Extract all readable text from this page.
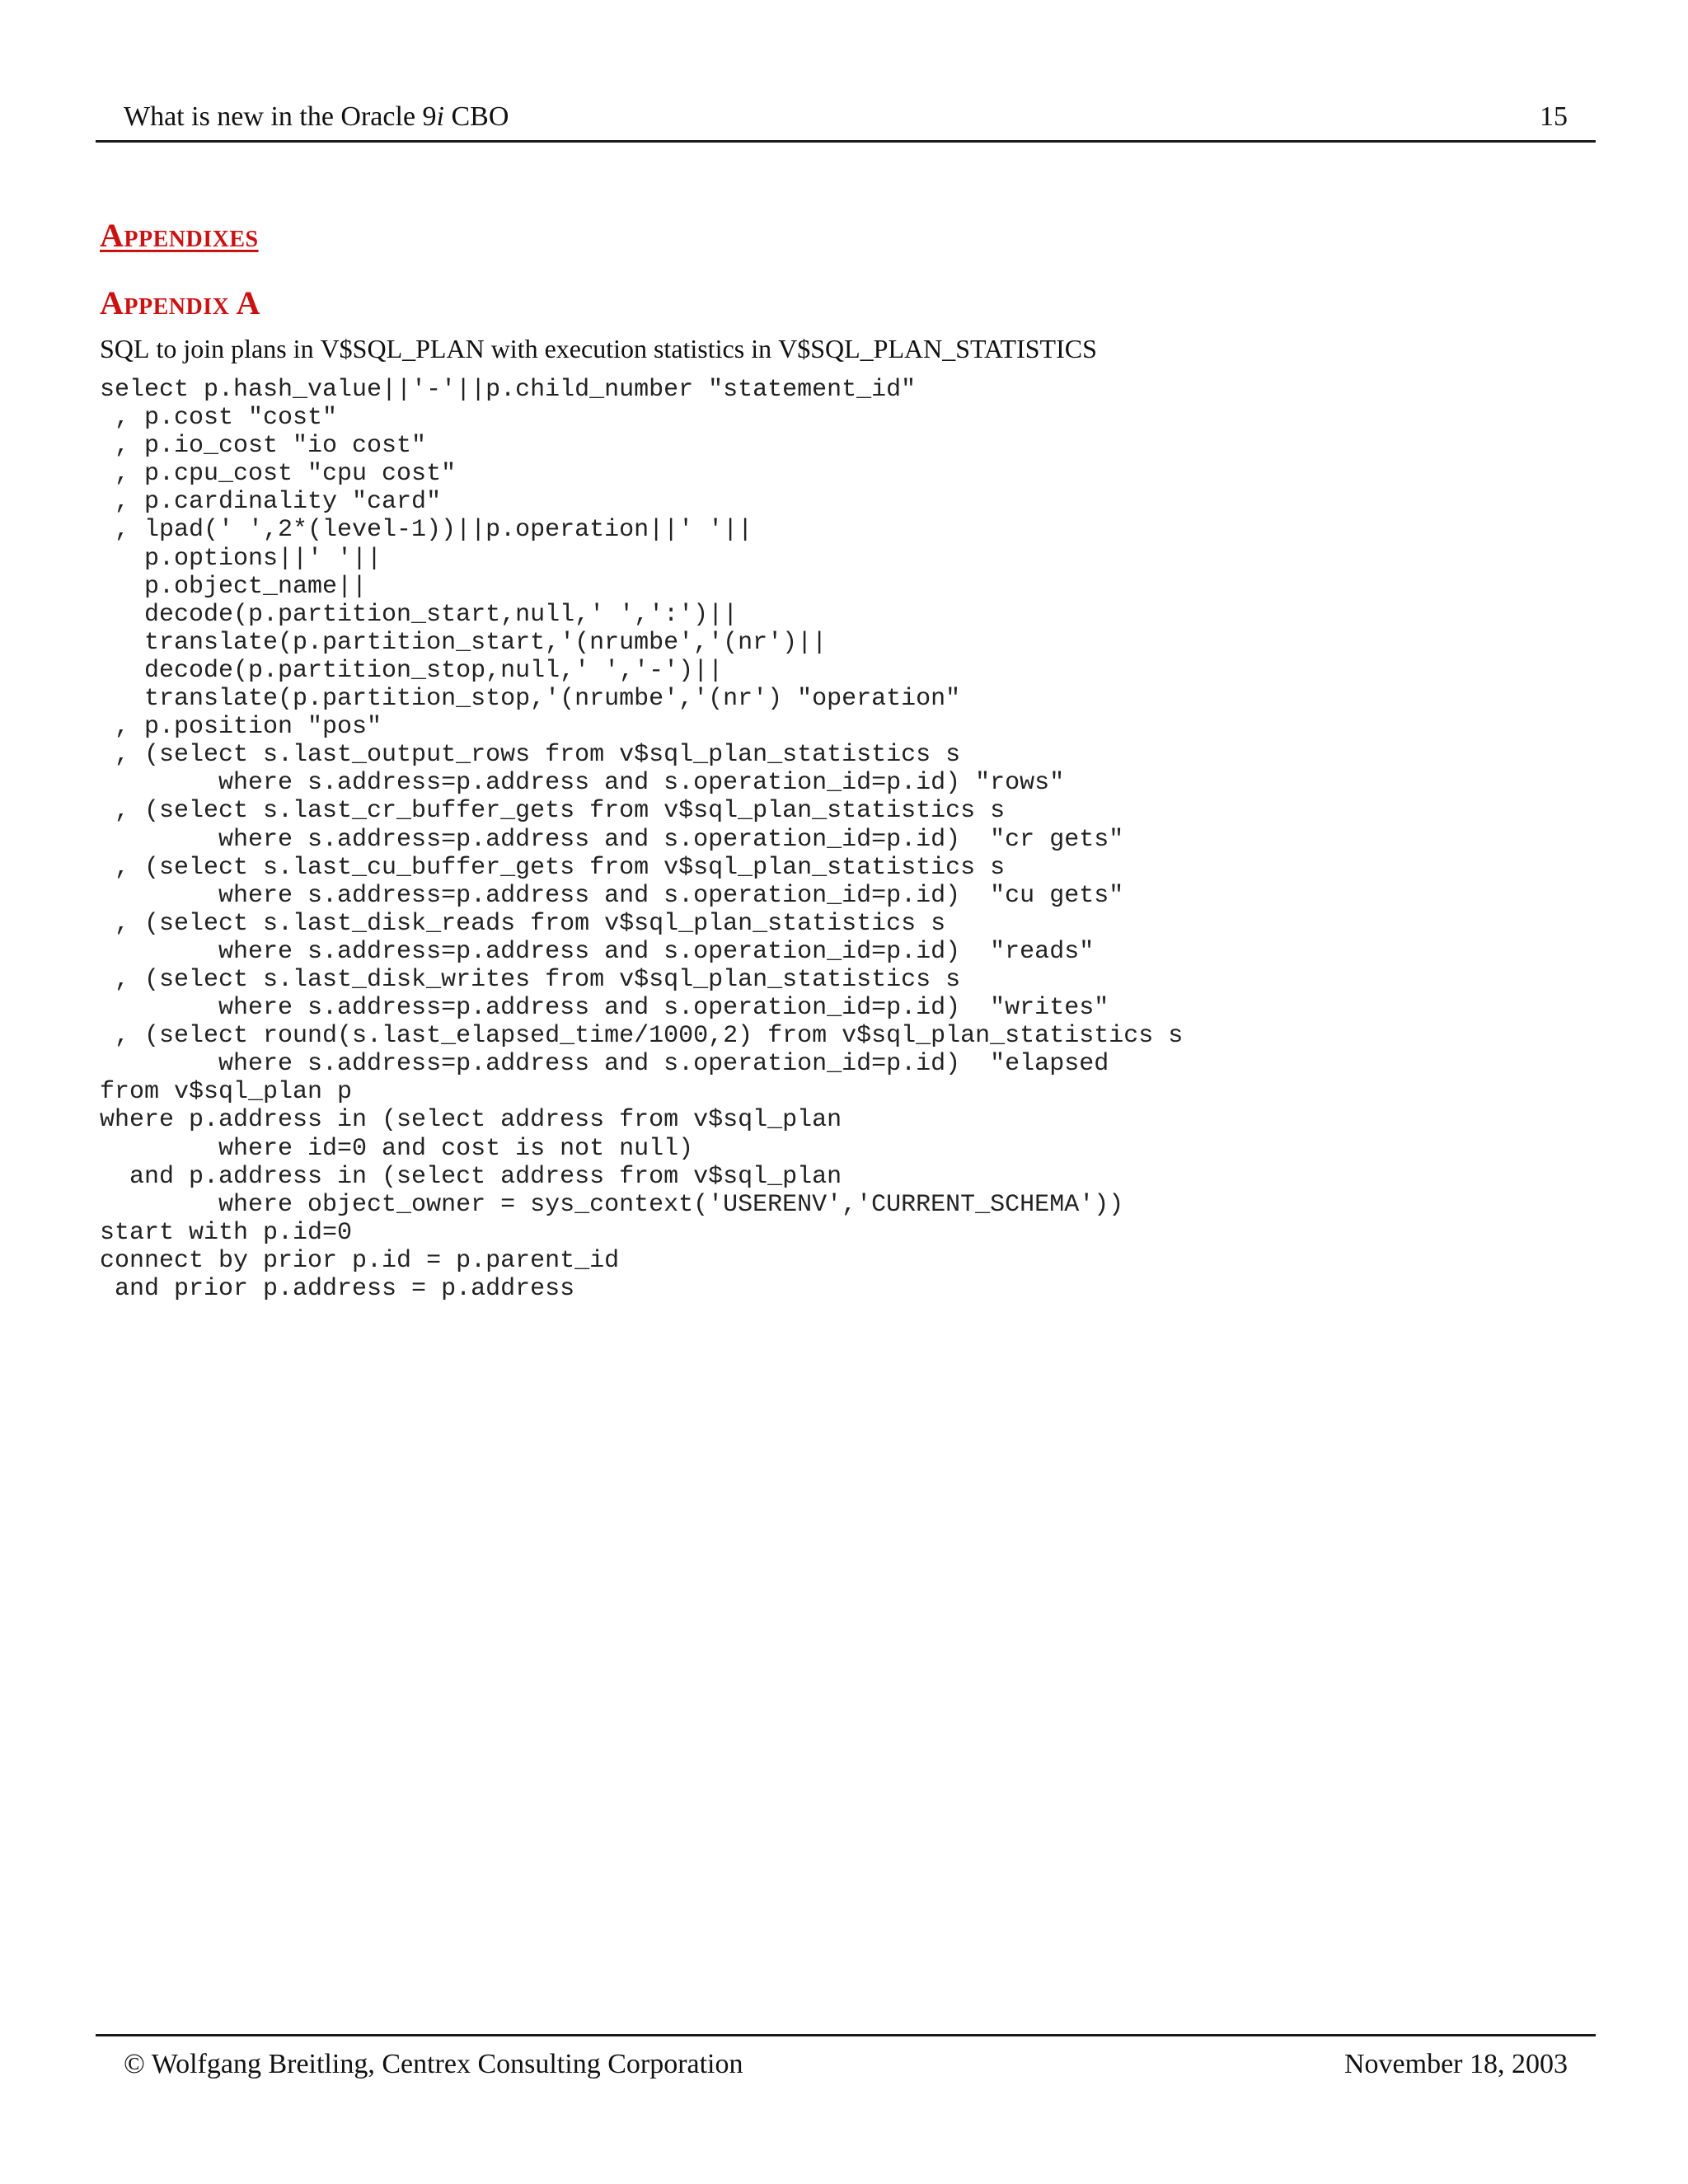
What is new in the Oracle 9i CBO	15
Appendixes
Appendix A
SQL to join plans in V$SQL_PLAN with execution statistics in V$SQL_PLAN_STATISTICS
select p.hash_value||'-'||p.child_number "statement_id"
, p.cost "cost"
, p.io_cost "io cost"
, p.cpu_cost "cpu cost"
, p.cardinality "card"
, lpad(' ',2*(level-1))||p.operation||' '||
p.options||' '||
p.object_name||
decode(p.partition_start,null,' ',':')||
translate(p.partition_start,'(nrumbe','(nr')||
decode(p.partition_stop,null,' ','-')||
translate(p.partition_stop,'(nrumbe','(nr') "operation"
, p.position "pos"
, (select s.last_output_rows from v$sql_plan_statistics s
where s.address=p.address and s.operation_id=p.id) "rows"
, (select s.last_cr_buffer_gets from v$sql_plan_statistics s
where s.address=p.address and s.operation_id=p.id)  "cr gets"
, (select s.last_cu_buffer_gets from v$sql_plan_statistics s
where s.address=p.address and s.operation_id=p.id)  "cu gets"
, (select s.last_disk_reads from v$sql_plan_statistics s
where s.address=p.address and s.operation_id=p.id)  "reads"
, (select s.last_disk_writes from v$sql_plan_statistics s
where s.address=p.address and s.operation_id=p.id)  "writes"
, (select round(s.last_elapsed_time/1000,2) from v$sql_plan_statistics s
where s.address=p.address and s.operation_id=p.id)  "elapsed
from v$sql_plan p
where p.address in (select address from v$sql_plan
where id=0 and cost is not null)
and p.address in (select address from v$sql_plan
where object_owner = sys_context('USERENV','CURRENT_SCHEMA'))
start with p.id=0
connect by prior p.id = p.parent_id
and prior p.address = p.address
© Wolfgang Breitling, Centrex Consulting Corporation	November 18, 2003
